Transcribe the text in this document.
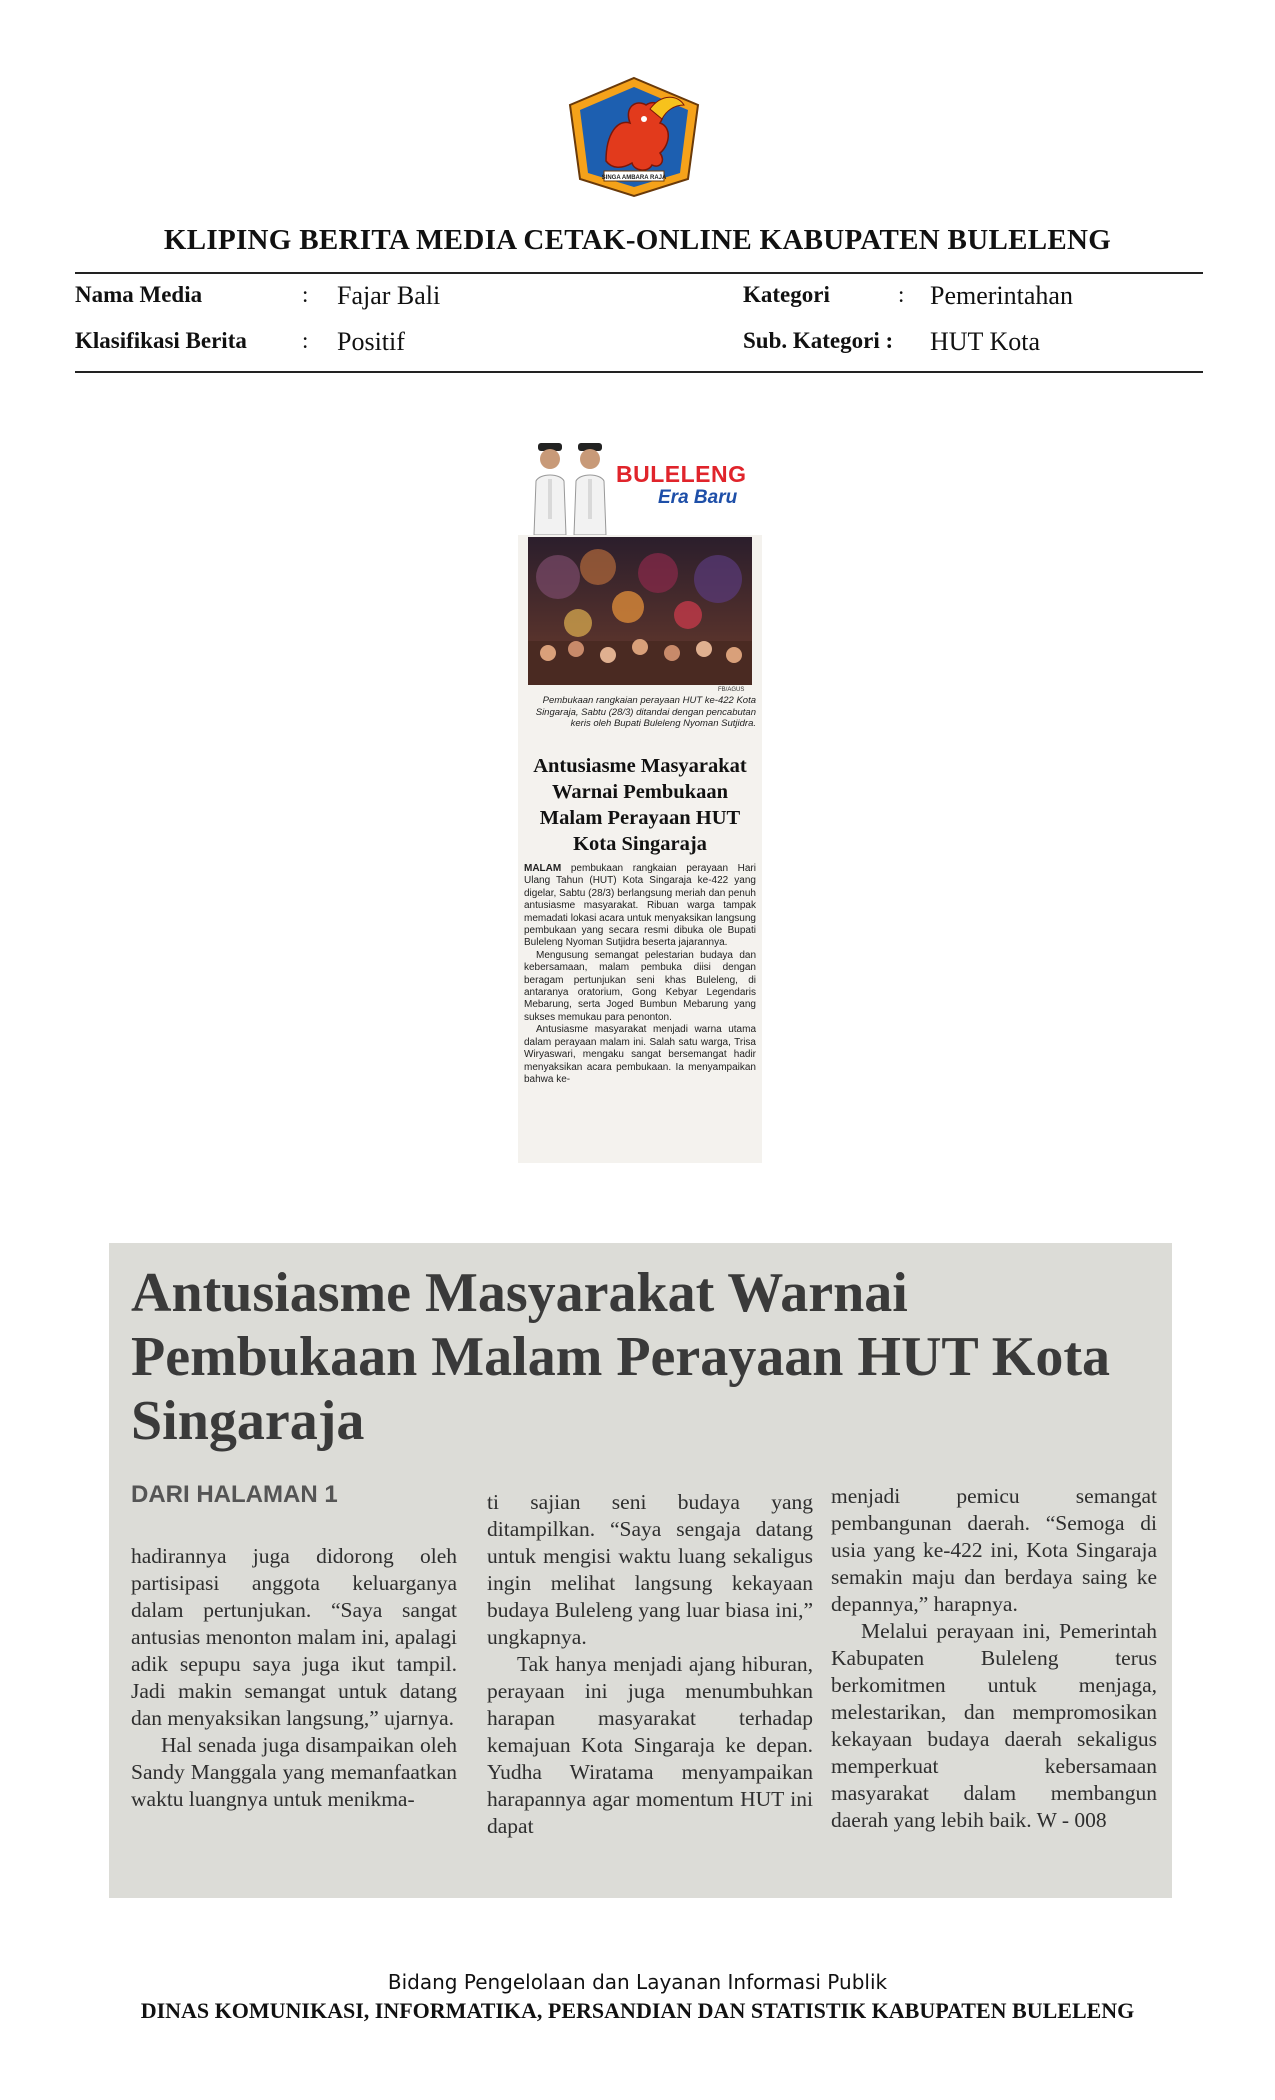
SINGA AMBARA RAJA
KLIPING BERITA MEDIA CETAK-ONLINE KABUPATEN BULELENG
Nama Media	: Fajar Bali	Kategori	: Pemerintahan
Klasifikasi Berita : Positif	Sub. Kategori : HUT Kota
BULELENG
Era Baru
FB/AGUS

Pembukaan rangkaian perayaan HUT ke-422 Kota Singaraja, Sabtu (28/3) ditandai dengan pencabutan keris oleh Bupati Buleleng Nyoman Sutjidra.

Antusiasme Masyarakat Warnai Pembukaan Malam Perayaan HUT Kota Singaraja

MALAM pembukaan rangkaian perayaan Hari Ulang Tahun (HUT) Kota Singaraja ke-422 yang digelar, Sabtu (28/3) berlangsung meriah dan penuh antusiasme masyarakat. Ribuan warga tampak memadati lokasi acara untuk menyaksikan langsung pembukaan yang secara resmi dibuka ole Bupati Buleleng Nyoman Sutjidra beserta jajarannya.

Mengusung semangat pelestarian budaya dan kebersamaan, malam pembuka diisi dengan beragam pertunjukan seni khas Buleleng, di antaranya oratorium, Gong Kebyar Legendaris Mebarung, serta Joged Bumbun Mebarung yang sukses memukau para penonton.

Antusiasme masyarakat menjadi warna utama dalam perayaan malam ini. Salah satu warga, Trisa Wiryaswari, mengaku sangat bersemangat hadir menyaksikan acara pembukaan. Ia menyampaikan bahwa ke-

Antusiasme Masyarakat Warnai Pembukaan Malam Perayaan HUT Kota Singaraja

DARI HALAMAN 1

hadirannya juga didorong oleh partisipasi anggota keluarganya dalam pertunjukan. “Saya sangat antusias menonton malam ini, apalagi adik sepupu saya juga ikut tampil. Jadi makin semangat untuk datang dan menyaksikan langsung,” ujarnya.

Hal senada juga disampaikan oleh Sandy Manggala yang memanfaatkan waktu luangnya untuk menikma-

ti sajian seni budaya yang ditampilkan. “Saya sengaja datang untuk mengisi waktu luang sekaligus ingin melihat langsung kekayaan budaya Buleleng yang luar biasa ini,” ungkapnya.

Tak hanya menjadi ajang hiburan, perayaan ini juga menumbuhkan harapan masyarakat terhadap kemajuan Kota Singaraja ke depan. Yudha Wiratama menyampaikan harapannya agar momentum HUT ini dapat

menjadi pemicu semangat pembangunan daerah. “Semoga di usia yang ke-422 ini, Kota Singaraja semakin maju dan berdaya saing ke depannya,” harapnya.

Melalui perayaan ini, Pemerintah Kabupaten Buleleng terus berkomitmen untuk menjaga, melestarikan, dan mempromosikan kekayaan budaya daerah sekaligus memperkuat kebersamaan masyarakat dalam membangun daerah yang lebih baik. W - 008

Bidang Pengelolaan dan Layanan Informasi Publik

DINAS KOMUNIKASI, INFORMATIKA, PERSANDIAN DAN STATISTIK KABUPATEN BULELENG
